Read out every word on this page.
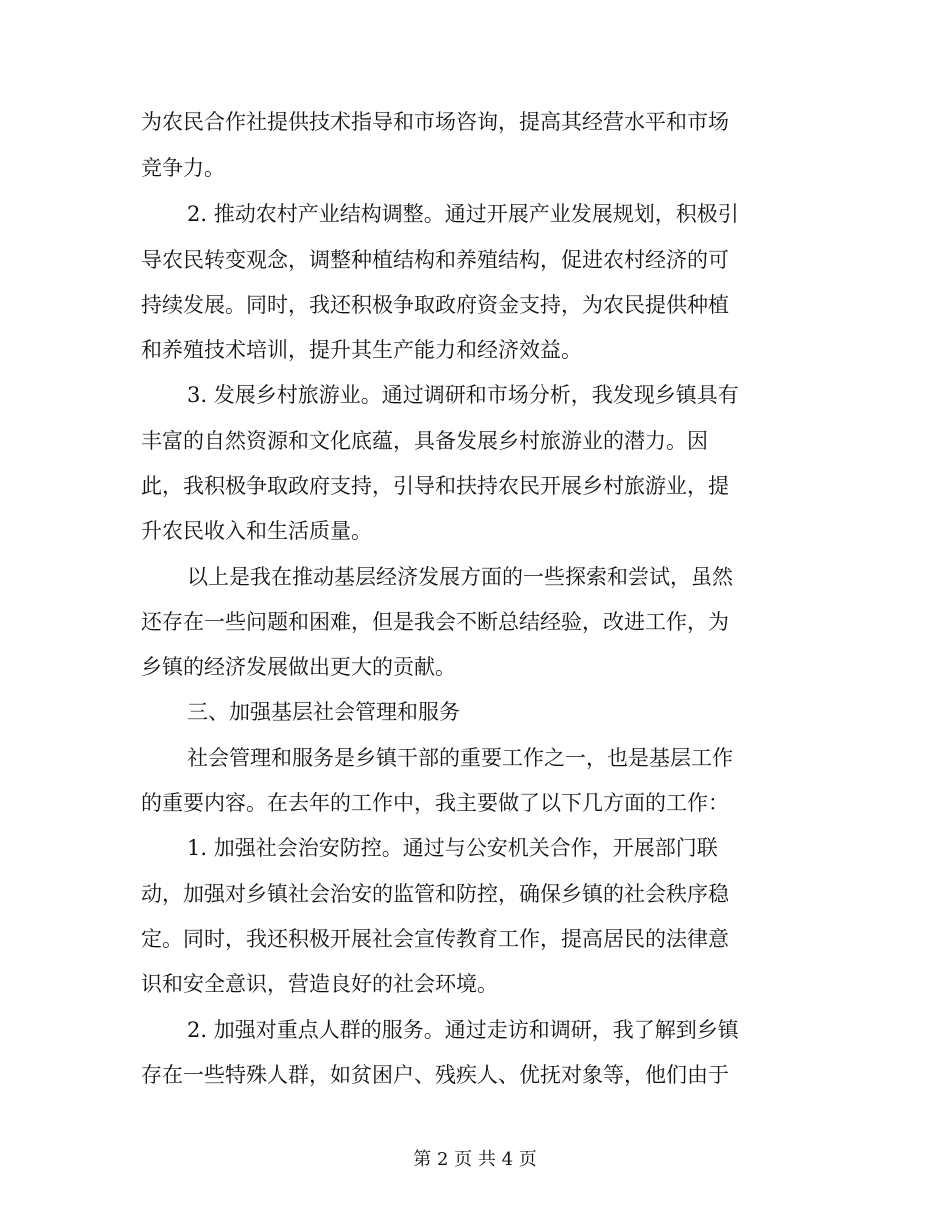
为农民合作社提供技术指导和市场咨询，提高其经营水平和市场
竞争力。
2. 推动农村产业结构调整。通过开展产业发展规划，积极引
导农民转变观念，调整种植结构和养殖结构，促进农村经济的可
持续发展。同时，我还积极争取政府资金支持，为农民提供种植
和养殖技术培训，提升其生产能力和经济效益。
3. 发展乡村旅游业。通过调研和市场分析，我发现乡镇具有
丰富的自然资源和文化底蕴，具备发展乡村旅游业的潜力。因
此，我积极争取政府支持，引导和扶持农民开展乡村旅游业，提
升农民收入和生活质量。
以上是我在推动基层经济发展方面的一些探索和尝试，虽然
还存在一些问题和困难，但是我会不断总结经验，改进工作，为
乡镇的经济发展做出更大的贡献。
三、加强基层社会管理和服务
社会管理和服务是乡镇干部的重要工作之一，也是基层工作
的重要内容。在去年的工作中，我主要做了以下几方面的工作：
1. 加强社会治安防控。通过与公安机关合作，开展部门联
动，加强对乡镇社会治安的监管和防控，确保乡镇的社会秩序稳
定。同时，我还积极开展社会宣传教育工作，提高居民的法律意
识和安全意识，营造良好的社会环境。
2. 加强对重点人群的服务。通过走访和调研，我了解到乡镇
存在一些特殊人群，如贫困户、残疾人、优抚对象等，他们由于
第 2 页 共 4 页
